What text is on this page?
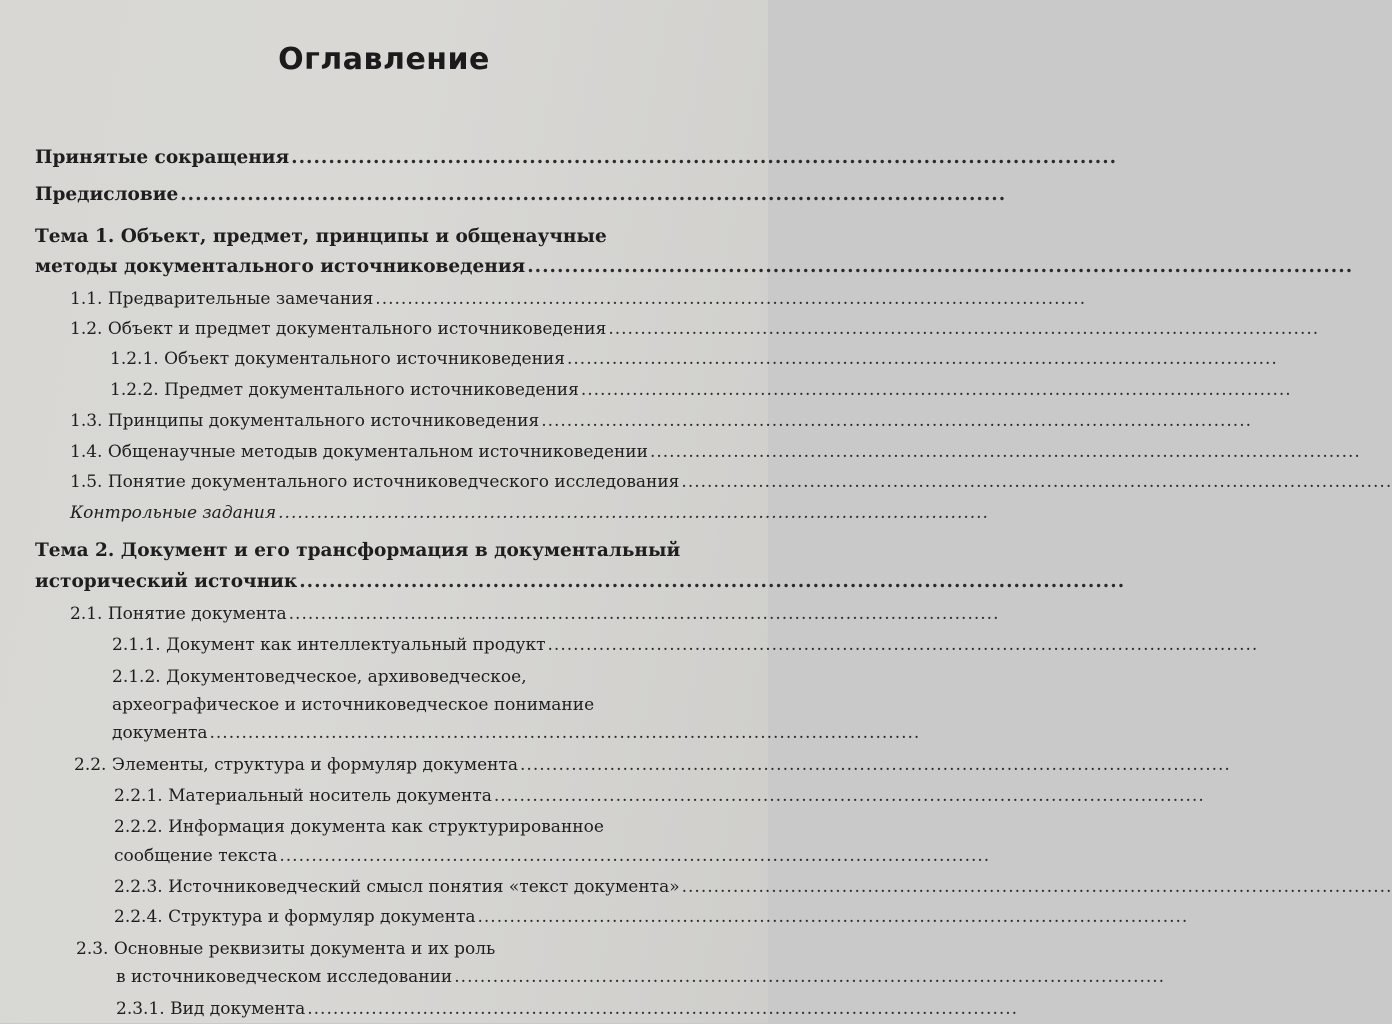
⠀
Оглавление
Принятые сокращения ...............................................................................................................
Предисловие ...............................................................................................................
Тема 1. Объект, предмет, принципы и общенаучные
методы документального источниковедения ...............................................................................................................
1.1. Предварительные замечания ...............................................................................................................
1.2. Объект и предмет документального источниковедения ...............................................................................................................
1.2.1. Объект документального источниковедения ...............................................................................................................
1.2.2. Предмет документального источниковедения ...............................................................................................................
1.3. Принципы документального источниковедения ...............................................................................................................
1.4. Общенаучные методыв документальном источниковедении ...............................................................................................................
1.5. Понятие документального источниковедческого исследования ...............................................................................................................
Контрольные задания ...............................................................................................................
Тема 2. Документ и его трансформация в документальный
исторический источник ...............................................................................................................
2.1. Понятие документа ...............................................................................................................
2.1.1. Документ как интеллектуальный продукт ...............................................................................................................
2.1.2. Документоведческое, архивоведческое,
археографическое и источниковедческое понимание
документа ...............................................................................................................
2.2. Элементы, структура и формуляр документа ...............................................................................................................
2.2.1. Материальный носитель документа ...............................................................................................................
2.2.2. Информация документа как структурированное
сообщение текста ...............................................................................................................
2.2.3. Источниковедческий смысл понятия «текст документа» ...............................................................................................................
2.2.4. Структура и формуляр документа ...............................................................................................................
2.3. Основные реквизиты документа и их роль
в источниковедческом исследовании ...............................................................................................................
2.3.1. Вид документа ...............................................................................................................
